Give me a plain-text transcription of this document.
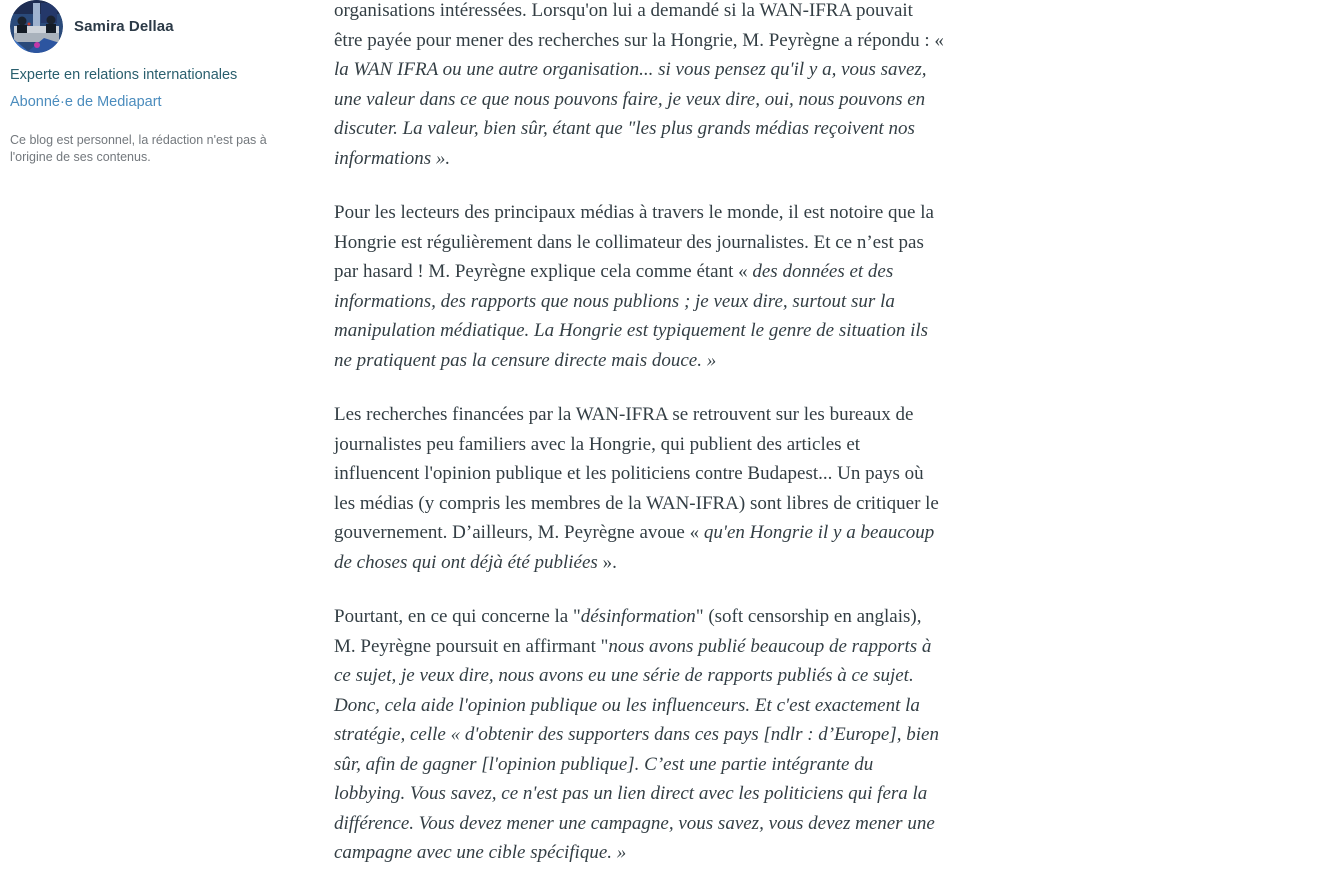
Samira Dellaa
Experte en relations internationales
Abonné·e de Mediapart

Ce blog est personnel, la rédaction n'est pas à l'origine de ses contenus.

organisations intéressées. Lorsqu'on lui a demandé si la WAN-IFRA pouvait être payée pour mener des recherches sur la Hongrie, M. Peyrègne a répondu : « la WAN IFRA ou une autre organisation... si vous pensez qu'il y a, vous savez, une valeur dans ce que nous pouvons faire, je veux dire, oui, nous pouvons en discuter. La valeur, bien sûr, étant que "les plus grands médias reçoivent nos informations ».

Pour les lecteurs des principaux médias à travers le monde, il est notoire que la Hongrie est régulièrement dans le collimateur des journalistes. Et ce n’est pas par hasard ! M. Peyrègne explique cela comme étant « des données et des informations, des rapports que nous publions ; je veux dire, surtout sur la manipulation médiatique. La Hongrie est typiquement le genre de situation ils ne pratiquent pas la censure directe mais douce. »

Les recherches financées par la WAN-IFRA se retrouvent sur les bureaux de journalistes peu familiers avec la Hongrie, qui publient des articles et influencent l'opinion publique et les politiciens contre Budapest... Un pays où les médias (y compris les membres de la WAN-IFRA) sont libres de critiquer le gouvernement. D’ailleurs, M. Peyrègne avoue « qu'en Hongrie il y a beaucoup de choses qui ont déjà été publiées ».

Pourtant, en ce qui concerne la "désinformation" (soft censorship en anglais), M. Peyrègne poursuit en affirmant "nous avons publié beaucoup de rapports à ce sujet, je veux dire, nous avons eu une série de rapports publiés à ce sujet. Donc, cela aide l'opinion publique ou les influenceurs. Et c'est exactement la stratégie, celle « d'obtenir des supporters dans ces pays [ndlr : d’Europe], bien sûr, afin de gagner [l'opinion publique]. C’est une partie intégrante du lobbying. Vous savez, ce n'est pas un lien direct avec les politiciens qui fera la différence. Vous devez mener une campagne, vous savez, vous devez mener une campagne avec une cible spécifique. »
